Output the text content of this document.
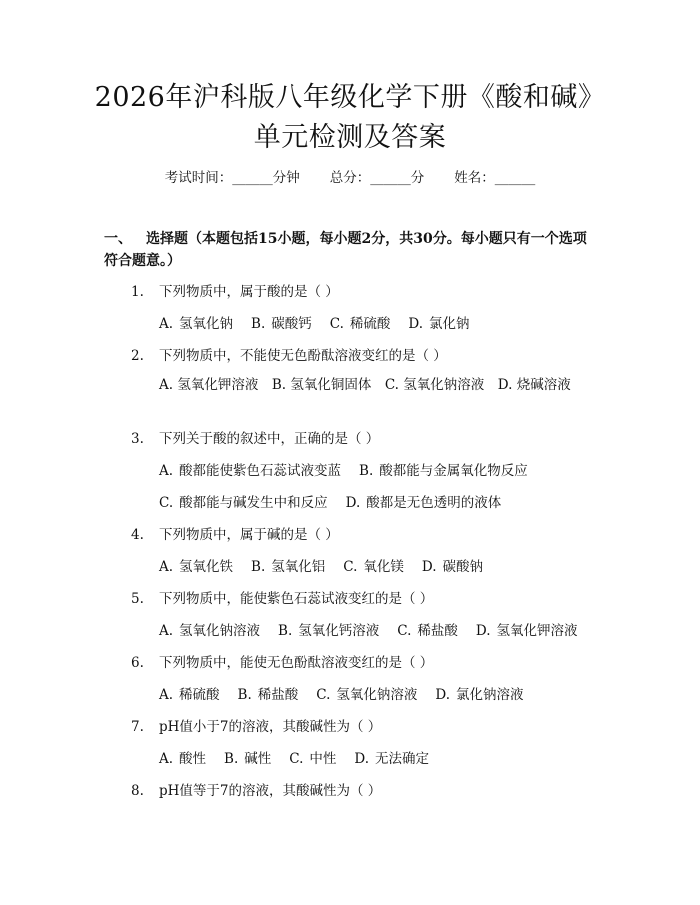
2026年沪科版八年级化学下册《酸和碱》单元检测及答案
考试时间：______分钟 总分：______分 姓名：______

一、 选择题（本题包括15小题，每小题2分，共30分。每小题只有一个选项符合题意。）

1. 下列物质中，属于酸的是（ ）
A. 氢氧化钠 B. 碳酸钙 C. 稀硫酸 D. 氯化钠
2. 下列物质中，不能使无色酚酞溶液变红的是（ ）
A. 氢氧化钾溶液　B. 氢氧化铜固体　C. 氢氧化钠溶液　D. 烧碱溶液
3. 下列关于酸的叙述中，正确的是（ ）
A. 酸都能使紫色石蕊试液变蓝 B. 酸都能与金属氧化物反应
C. 酸都能与碱发生中和反应 D. 酸都是无色透明的液体
4. 下列物质中，属于碱的是（ ）
A. 氢氧化铁 B. 氢氧化铝 C. 氧化镁 D. 碳酸钠
5. 下列物质中，能使紫色石蕊试液变红的是（ ）
A. 氢氧化钠溶液 B. 氢氧化钙溶液 C. 稀盐酸 D. 氢氧化钾溶液
6. 下列物质中，能使无色酚酞溶液变红的是（ ）
A. 稀硫酸 B. 稀盐酸 C. 氢氧化钠溶液 D. 氯化钠溶液
7. pH值小于7的溶液，其酸碱性为（ ）
A. 酸性 B. 碱性 C. 中性 D. 无法确定
8. pH值等于7的溶液，其酸碱性为（ ）
